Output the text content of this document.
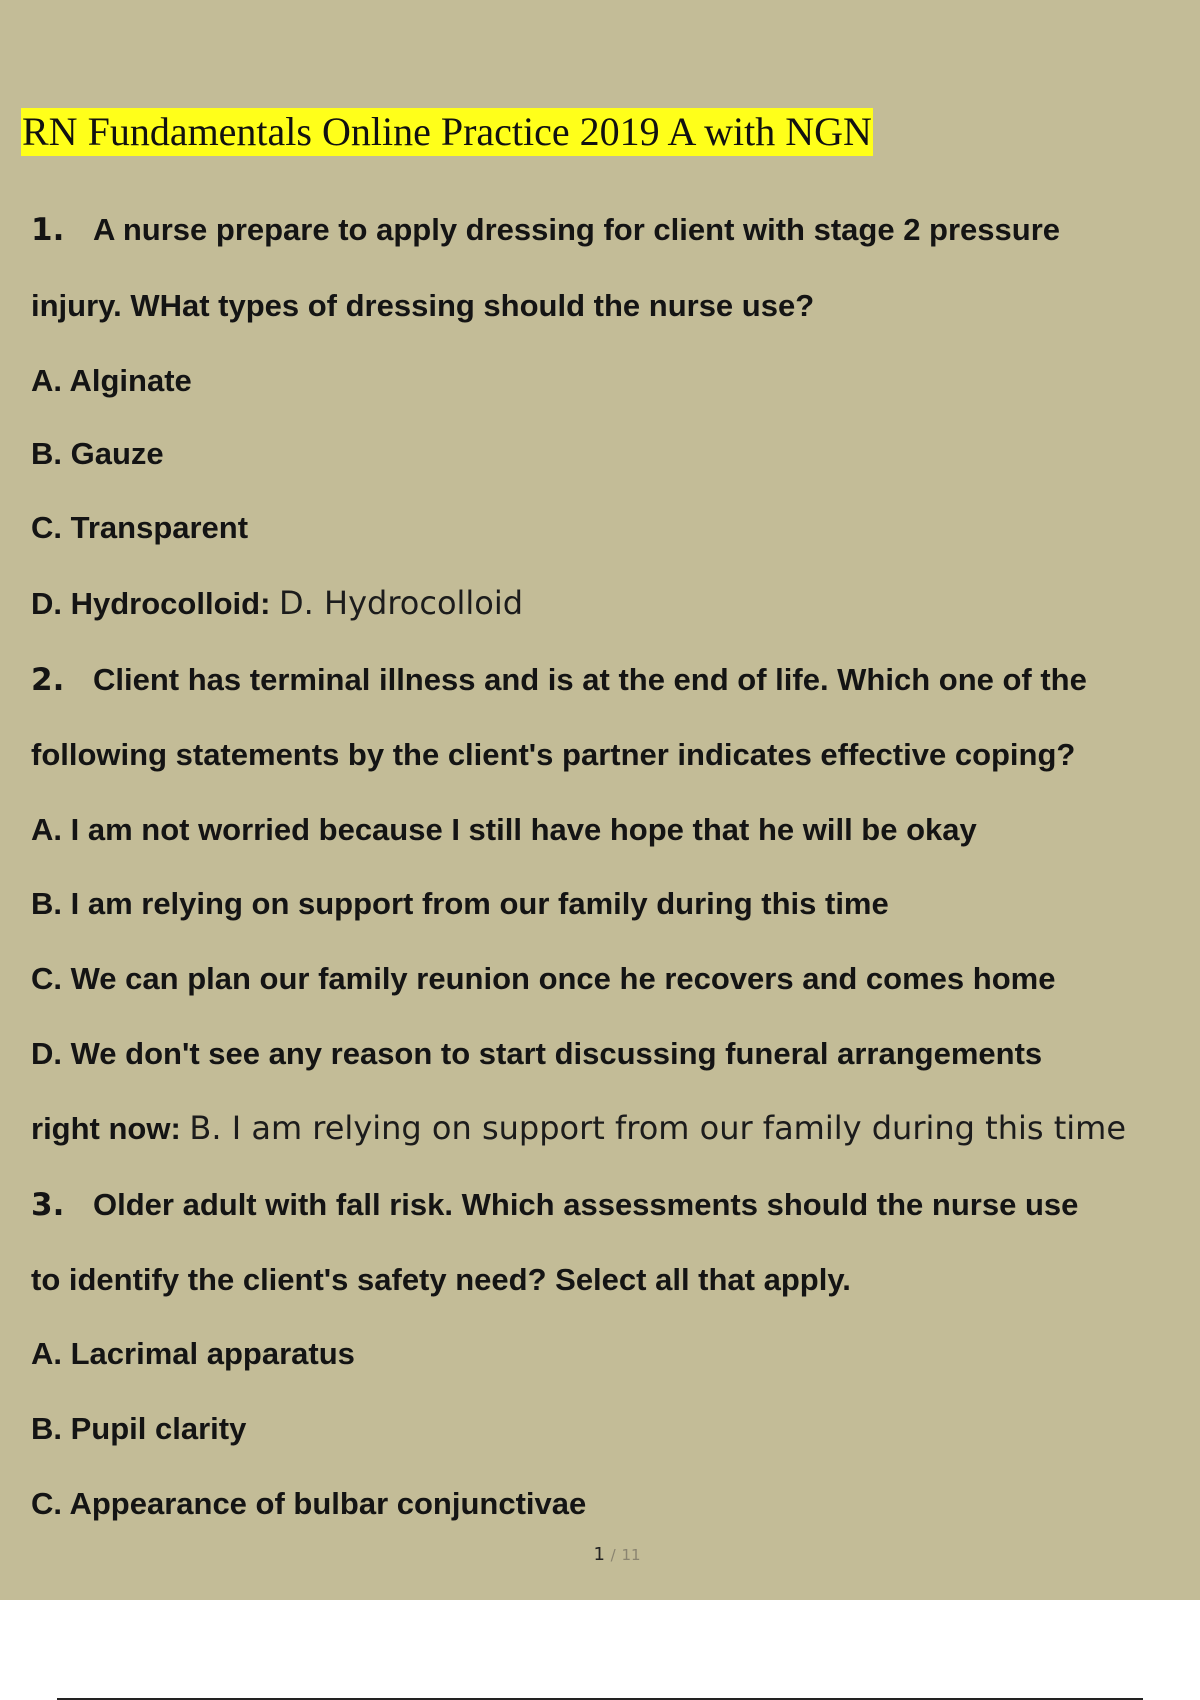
RN Fundamentals Online Practice 2019 A with NGN
1. A nurse prepare to apply dressing for client with stage 2 pressure
injury. WHat types of dressing should the nurse use?
A. Alginate
B. Gauze
C. Transparent
D. Hydrocolloid: D. Hydrocolloid
2. Client has terminal illness and is at the end of life. Which one of the
following statements by the client's partner indicates effective coping?
A. I am not worried because I still have hope that he will be okay
B. I am relying on support from our family during this time
C. We can plan our family reunion once he recovers and comes home
D. We don't see any reason to start discussing funeral arrangements
right now: B. I am relying on support from our family during this time
3. Older adult with fall risk. Which assessments should the nurse use
to identify the client's safety need? Select all that apply.
A. Lacrimal apparatus
B. Pupil clarity
C. Appearance of bulbar conjunctivae
1 / 11
